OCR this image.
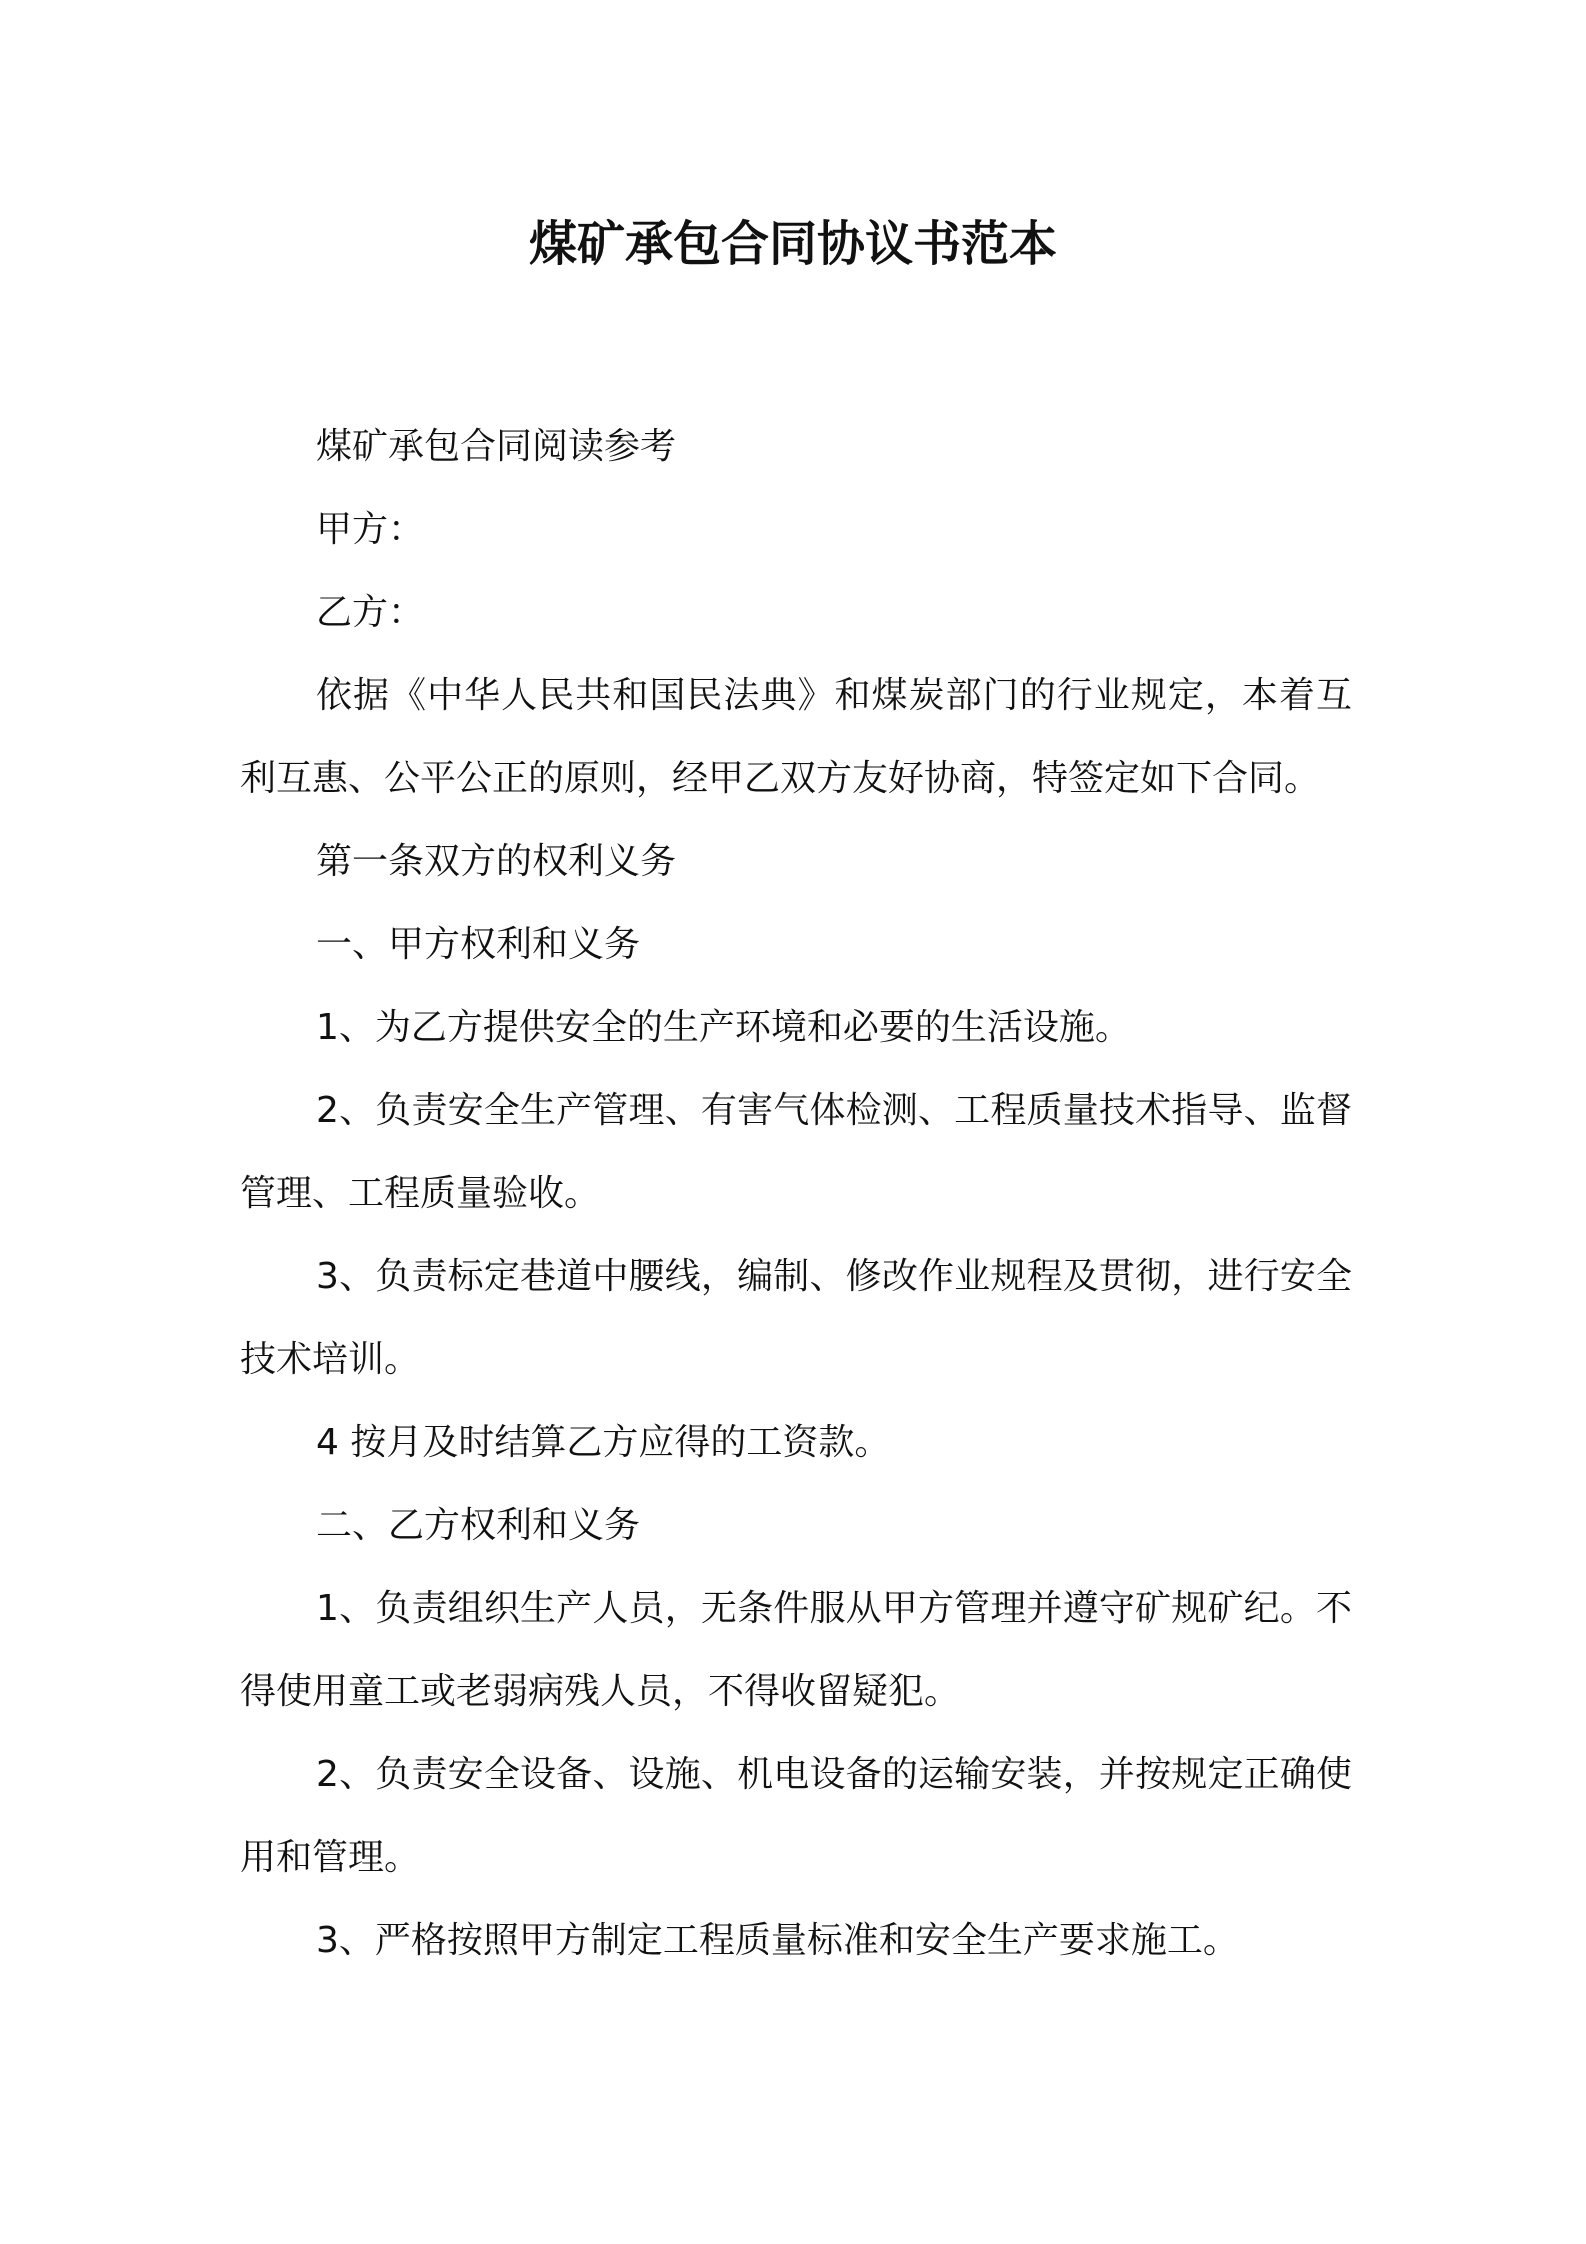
煤矿承包合同协议书范本

煤矿承包合同阅读参考

甲方：

乙方：

依据《中华人民共和国民法典》和煤炭部门的行业规定，本着互利互惠、公平公正的原则，经甲乙双方友好协商，特签定如下合同。

第一条双方的权利义务

一、甲方权利和义务

1、为乙方提供安全的生产环境和必要的生活设施。

2、负责安全生产管理、有害气体检测、工程质量技术指导、监督管理、工程质量验收。

3、负责标定巷道中腰线，编制、修改作业规程及贯彻，进行安全技术培训。

4 按月及时结算乙方应得的工资款。

二、乙方权利和义务

1、负责组织生产人员，无条件服从甲方管理并遵守矿规矿纪。不得使用童工或老弱病残人员，不得收留疑犯。

2、负责安全设备、设施、机电设备的运输安装，并按规定正确使用和管理。

3、严格按照甲方制定工程质量标准和安全生产要求施工。
